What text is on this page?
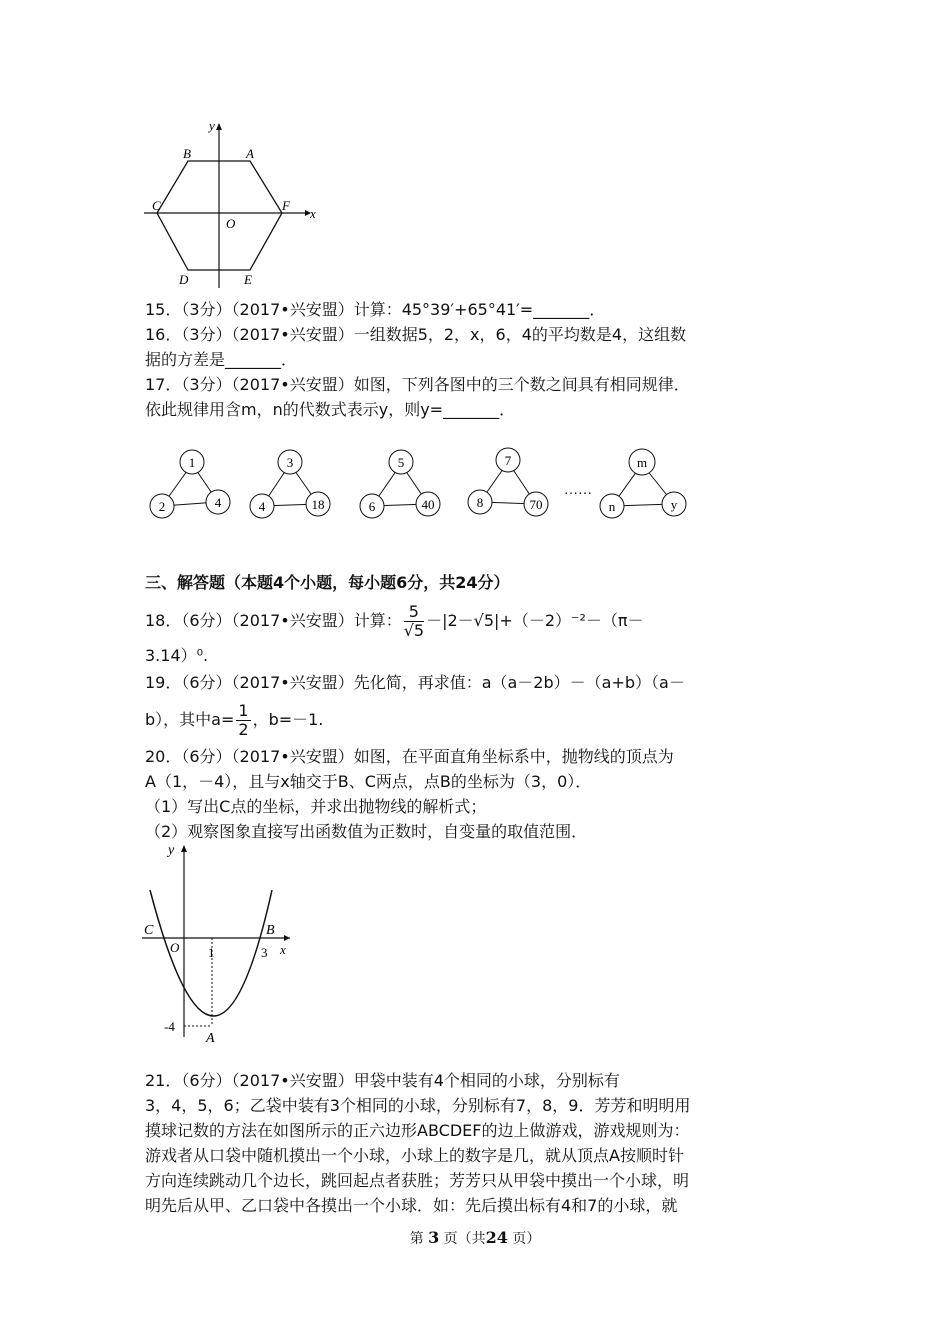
y
x
A
B
C
O
F
D	E
15．（3分）（2017•兴安盟）计算：45°39′+65°41′=_______．
16．（3分）（2017•兴安盟）一组数据5，2，x，6，4的平均数是4，这组数
据的方差是_______．
17．（3分）（2017•兴安盟）如图，下列各图中的三个数之间具有相同规律．
依此规律用含m，n的代数式表示y，则y=_______．
1
2	4
3
4	18
5
6	40
7
8	70
……
m
n	y
三、解答题（本题4个小题，每小题6分，共24分）
18．（6分）（2017•兴安盟）计算： $\frac{5}{√5} -|2-√5|+(-2)^{-2}-(\pi-$
3.14）⁰.
19．（6分）（2017•兴安盟）先化简，再求值：a（a－2b）－（a+b）（a－
b），其中$a= \frac{1}{2}$ ，b=－1.
20．（6分）（2017•兴安盟）如图，在平面直角坐标系中，抛物线的顶点为
A（1，－4），且与x轴交于B、C两点，点B的坐标为（3，0）．
（1）写出C点的坐标，并求出抛物线的解析式；
（2）观察图象直接写出函数值为正数时，自变量的取值范围．
y
x
C
O
B
1	3
-4
A
21．（6分）（2017•兴安盟）甲袋中装有4个相同的小球，分别标有
3，4，5，6；乙袋中装有3个相同的小球，分别标有7，8，9．芳芳和明明用
摸球记数的方法在如图所示的正六边形ABCDEF的边上做游戏，游戏规则为：
游戏者从口袋中随机摸出一个小球，小球上的数字是几，就从顶点A按顺时针
方向连续跳动几个边长，跳回起点者获胜；芳芳只从甲袋中摸出一个小球，明
明先后从甲、乙口袋中各摸出一个小球．如：先后摸出标有4和7的小球，就
第 3 页（共24 页）
